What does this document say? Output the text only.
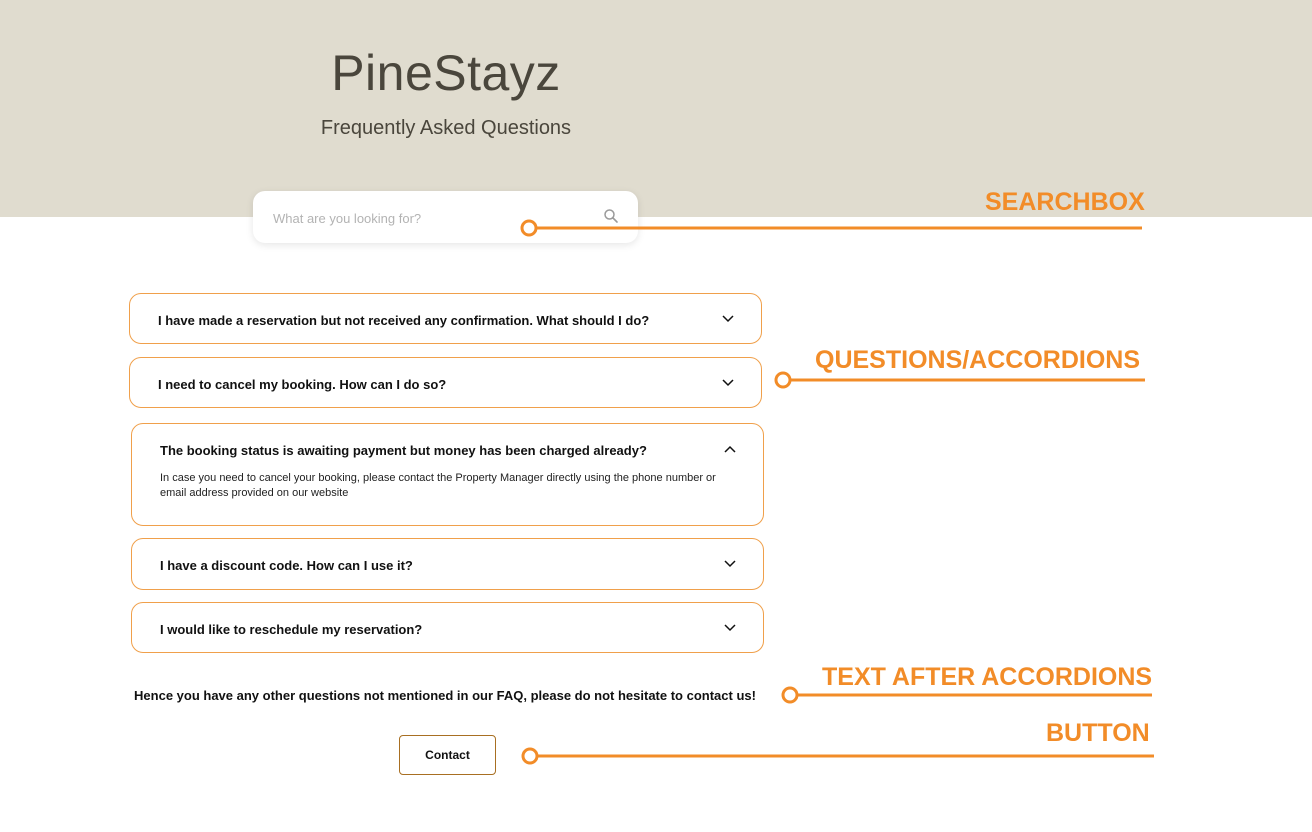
PineStayz
Frequently Asked Questions
What are you looking for?
I have made a reservation but not received any confirmation. What should I do?
I need to cancel my booking. How can I do so?
The booking status is awaiting payment but money has been charged already?
In case you need to cancel your booking, please contact the Property Manager directly using the phone number or email address provided on our website
I have a discount code. How can I use it?
I would like to reschedule my reservation?
Hence you have any other questions not mentioned in our FAQ, please do not hesitate to contact us!
Contact
SEARCHBOX
QUESTIONS/ACCORDIONS
TEXT AFTER ACCORDIONS
BUTTON
